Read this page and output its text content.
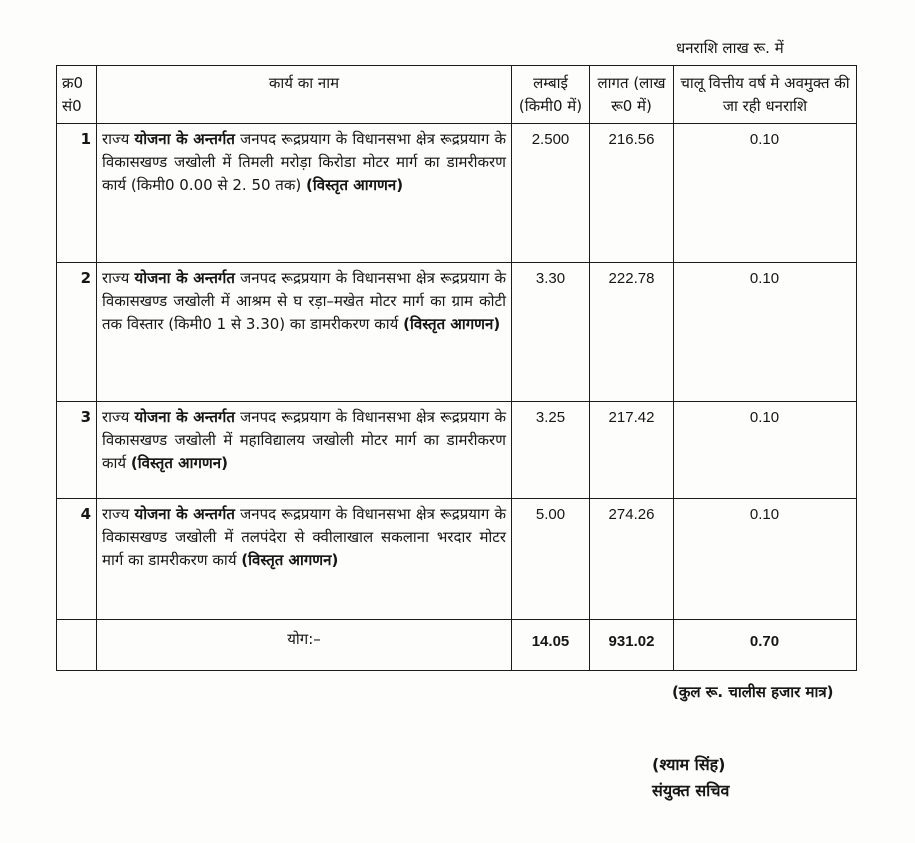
धनराशि लाख रू. में
क्र0 सं0	कार्य का नाम	लम्बाई (किमी0 में)	लागत (लाख रू0 में)	चालू वित्तीय वर्ष मे अवमुक्त की जा रही धनराशि
1	राज्य योजना के अन्तर्गत जनपद रूद्रप्रयाग के विधानसभा क्षेत्र रूद्रप्रयाग के विकासखण्ड जखोली में तिमली मरोड़ा किरोडा मोटर मार्ग का डामरीकरण कार्य (किमी0 0.00 से 2. 50 तक) (विस्तृत आगणन)	2.500	216.56	0.10
2	राज्य योजना के अन्तर्गत जनपद रूद्रप्रयाग के विधानसभा क्षेत्र रूद्रप्रयाग के विकासखण्ड जखोली में आश्रम से घ रड़ा–मखेत मोटर मार्ग का ग्राम कोटी तक विस्तार (किमी0 1 से 3.30) का डामरीकरण कार्य (विस्तृत आगणन)	3.30	222.78	0.10
3	राज्य योजना के अन्तर्गत जनपद रूद्रप्रयाग के विधानसभा क्षेत्र रूद्रप्रयाग के विकासखण्ड जखोली में महाविद्यालय जखोली मोटर मार्ग का डामरीकरण कार्य (विस्तृत आगणन)	3.25	217.42	0.10
4	राज्य योजना के अन्तर्गत जनपद रूद्रप्रयाग के विधानसभा क्षेत्र रूद्रप्रयाग के विकासखण्ड जखोली में तलपंदेरा से क्वीलाखाल सकलाना भरदार मोटर मार्ग का डामरीकरण कार्य (विस्तृत आगणन)	5.00	274.26	0.10
	योग:–	14.05	931.02	0.70
(कुल रू. चालीस हजार मात्र)
(श्याम सिंह)
संयुक्त सचिव
